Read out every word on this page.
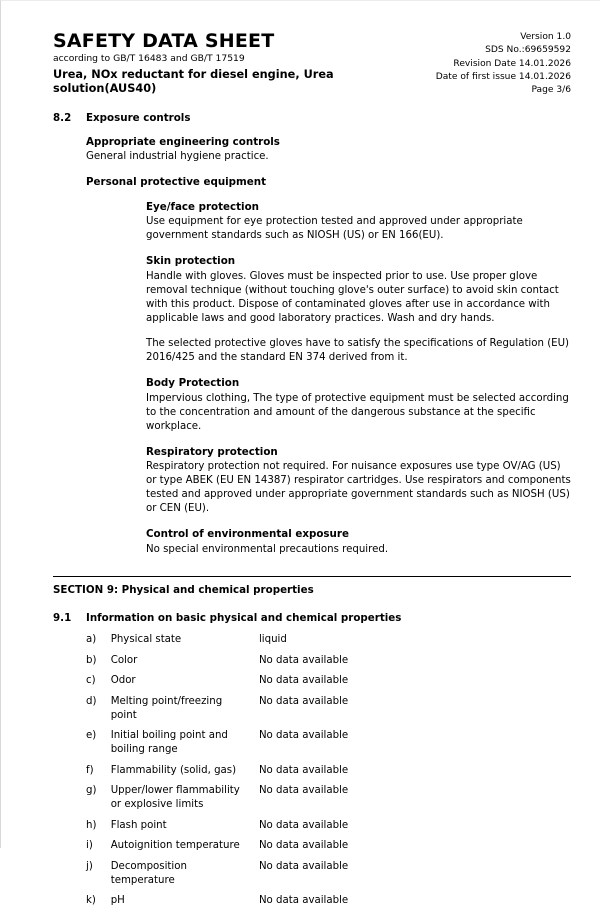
SAFETY DATA SHEET
according to GB/T 16483 and GB/T 17519
Urea, NOx reductant for diesel engine, Urea solution(AUS40)
Version 1.0
SDS No.:69659592
Revision Date 14.01.2026
Date of first issue 14.01.2026
Page 3/6
8.2	Exposure controls
Appropriate engineering controls
General industrial hygiene practice.
Personal protective equipment
Eye/face protection
Use equipment for eye protection tested and approved under appropriate government standards such as NIOSH (US) or EN 166(EU).
Skin protection
Handle with gloves. Gloves must be inspected prior to use. Use proper glove removal technique (without touching glove's outer surface) to avoid skin contact with this product. Dispose of contaminated gloves after use in accordance with applicable laws and good laboratory practices. Wash and dry hands.
The selected protective gloves have to satisfy the specifications of Regulation (EU) 2016/425 and the standard EN 374 derived from it.
Body Protection
Impervious clothing, The type of protective equipment must be selected according to the concentration and amount of the dangerous substance at the specific workplace.
Respiratory protection
Respiratory protection not required. For nuisance exposures use type OV/AG (US) or type ABEK (EU EN 14387) respirator cartridges. Use respirators and components tested and approved under appropriate government standards such as NIOSH (US) or CEN (EU).
Control of environmental exposure
No special environmental precautions required.
SECTION 9: Physical and chemical properties
9.1	Information on basic physical and chemical properties
a)	Physical state	liquid
b)	Color	No data available
c)	Odor	No data available
d)	Melting point/freezing point	No data available
e)	Initial boiling point and boiling range	No data available
f)	Flammability (solid, gas)	No data available
g)	Upper/lower flammability or explosive limits	No data available
h)	Flash point	No data available
i)	Autoignition temperature	No data available
j)	Decomposition temperature	No data available
k)	pH	No data available
